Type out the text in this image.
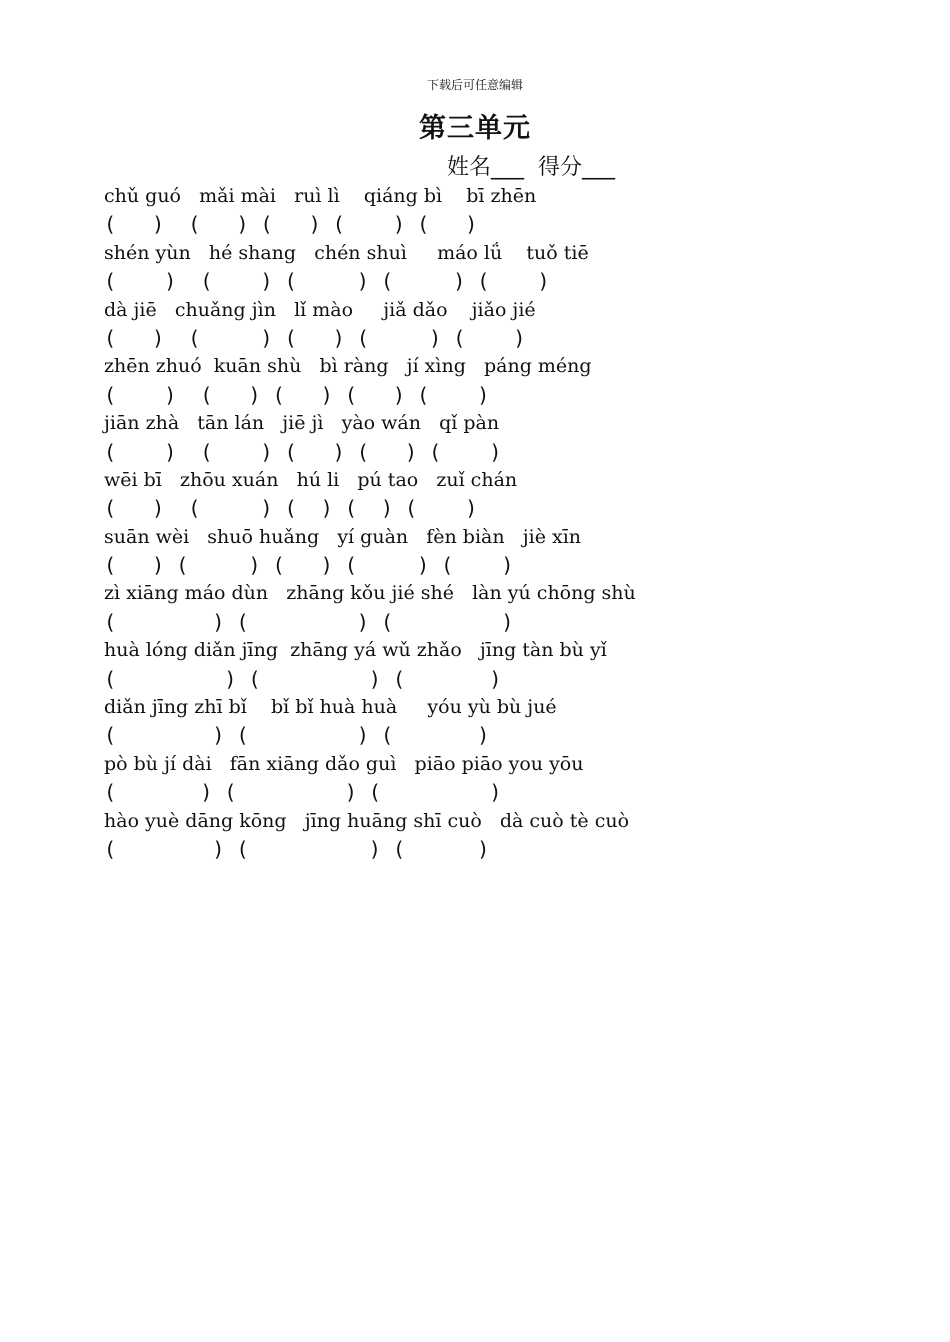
下载后可任意编辑
第三单元
姓名___  得分___
chǔ guó   mǎi mài   ruì lì    qiáng bì    bī zhēn
(   )  (   ) (   ) (    ) (   )
shén yùn   hé shang   chén shuì     máo lǘ    tuǒ tiē
(    )  (    ) (     ) (     ) (    )
dà jiē   chuǎng jìn   lǐ mào     jiǎ dǎo    jiǎo jié
(   )  (     ) (   ) (     ) (    )
zhēn zhuó  kuān shù   bì ràng   jí xìng   páng méng
(    )  (   ) (   ) (   ) (    )
jiān zhà   tān lán   jiē jì   yào wán   qǐ pàn
(    )  (    ) (   ) (   ) (    )
wēi bī   zhōu xuán   hú li   pú tao   zuǐ chán
(   )  (     ) (  ) (  ) (    )
suān wèi   shuō huǎng   yí guàn   fèn biàn   jiè xīn
(   ) (     ) (   ) (     ) (    )
zì xiāng máo dùn   zhāng kǒu jié shé   làn yú chōng shù
(        ) (         ) (         )
huà lóng diǎn jīng  zhāng yá wǔ zhǎo   jīng tàn bù yǐ
(         ) (         ) (       )
diǎn jīng zhī bǐ    bǐ bǐ huà huà     yóu yù bù jué
(        ) (         ) (       )
pò bù jí dài   fān xiāng dǎo guì   piāo piāo you yōu
(       ) (         ) (         )
hào yuè dāng kōng   jīng huāng shī cuò   dà cuò tè cuò
(        ) (          ) (      )
